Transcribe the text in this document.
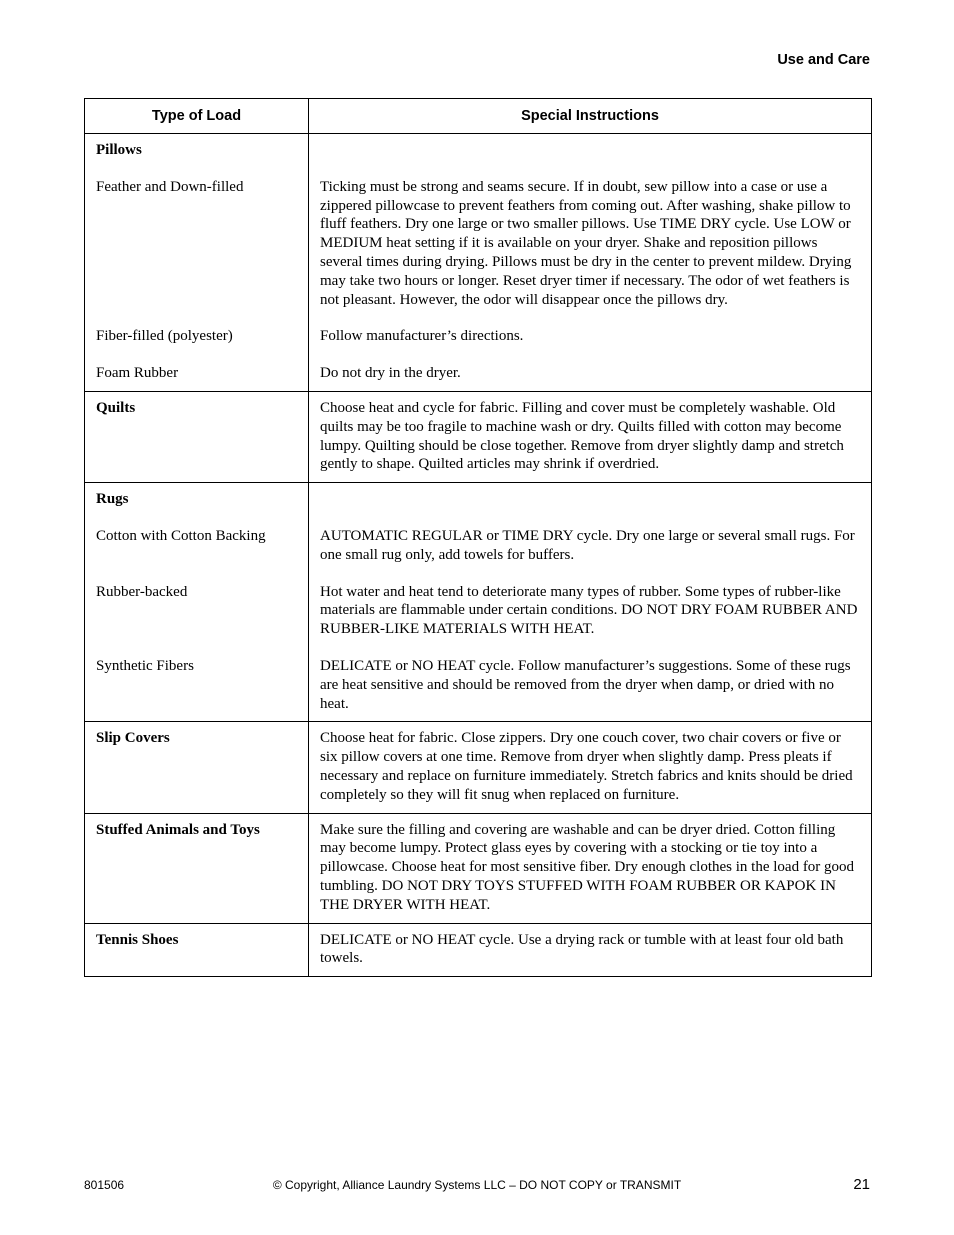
Use and Care
Type of Load	Special Instructions
Pillows	
Feather and Down-filled	Ticking must be strong and seams secure. If in doubt, sew pillow into a case or use a zippered pillowcase to prevent feathers from coming out. After washing, shake pillow to fluff feathers. Dry one large or two smaller pillows. Use TIME DRY cycle. Use LOW or MEDIUM heat setting if it is available on your dryer. Shake and reposition pillows several times during drying. Pillows must be dry in the center to prevent mildew. Drying may take two hours or longer. Reset dryer timer if necessary. The odor of wet feathers is not pleasant. However, the odor will disappear once the pillows dry.
Fiber-filled (polyester)	Follow manufacturer’s directions.
Foam Rubber	Do not dry in the dryer.
Quilts	Choose heat and cycle for fabric. Filling and cover must be completely washable. Old quilts may be too fragile to machine wash or dry. Quilts filled with cotton may become lumpy. Quilting should be close together. Remove from dryer slightly damp and stretch gently to shape. Quilted articles may shrink if overdried.
Rugs	
Cotton with Cotton Backing	AUTOMATIC REGULAR or TIME DRY cycle. Dry one large or several small rugs. For one small rug only, add towels for buffers.
Rubber-backed	Hot water and heat tend to deteriorate many types of rubber. Some types of rubber-like materials are flammable under certain conditions. DO NOT DRY FOAM RUBBER AND RUBBER-LIKE MATERIALS WITH HEAT.
Synthetic Fibers	DELICATE or NO HEAT cycle. Follow manufacturer’s suggestions. Some of these rugs are heat sensitive and should be removed from the dryer when damp, or dried with no heat.
Slip Covers	Choose heat for fabric. Close zippers. Dry one couch cover, two chair covers or five or six pillow covers at one time. Remove from dryer when slightly damp. Press pleats if necessary and replace on furniture immediately. Stretch fabrics and knits should be dried completely so they will fit snug when replaced on furniture.
Stuffed Animals and Toys	Make sure the filling and covering are washable and can be dryer dried. Cotton filling may become lumpy. Protect glass eyes by covering with a stocking or tie toy into a pillowcase. Choose heat for most sensitive fiber. Dry enough clothes in the load for good tumbling. DO NOT DRY TOYS STUFFED WITH FOAM RUBBER OR KAPOK IN THE DRYER WITH HEAT.
Tennis Shoes	DELICATE or NO HEAT cycle. Use a drying rack or tumble with at least four old bath towels.
801506	© Copyright, Alliance Laundry Systems LLC – DO NOT COPY or TRANSMIT	21
